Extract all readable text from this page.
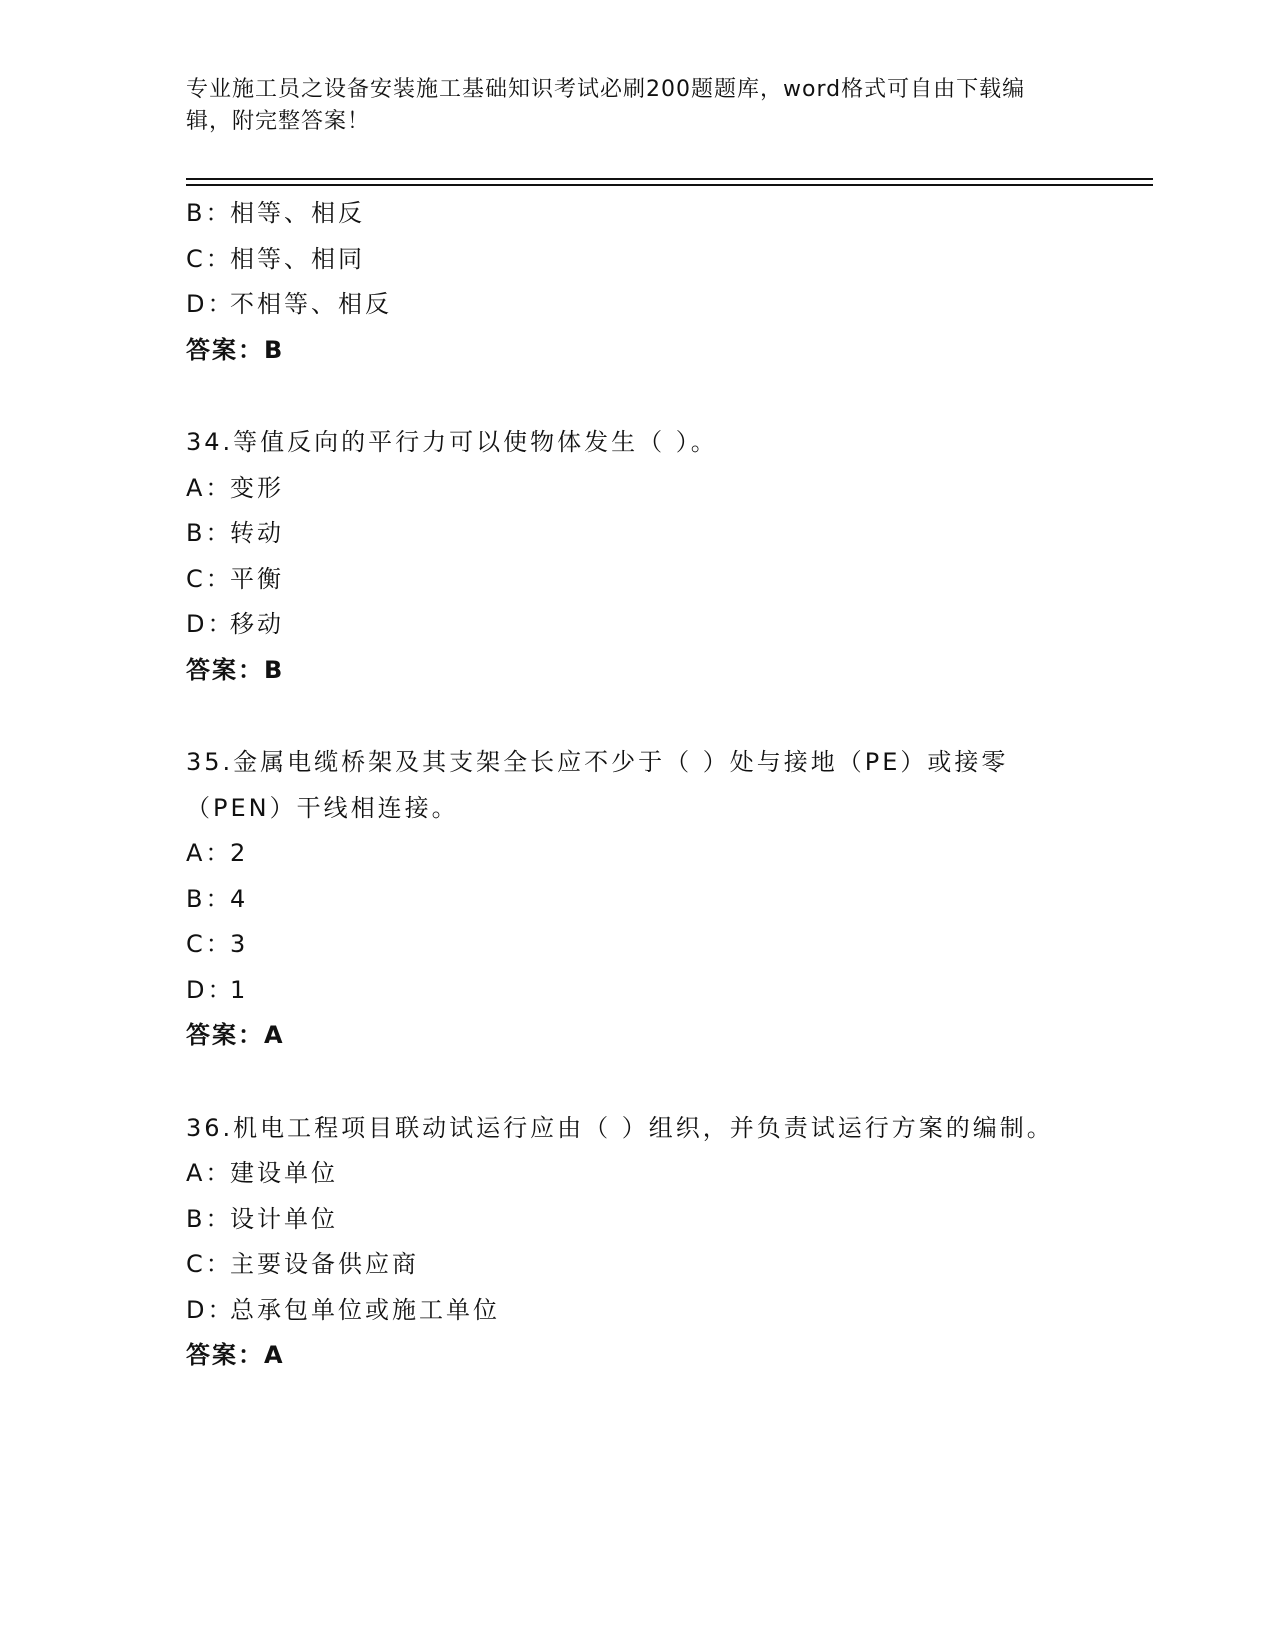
专业施工员之设备安装施工基础知识考试必刷200题题库，word格式可自由下载编辑，附完整答案！
B：相等、相反
C：相等、相同
D：不相等、相反
答案：B
34.等值反向的平行力可以使物体发生（ ）。
A：变形
B：转动
C：平衡
D：移动
答案：B
35.金属电缆桥架及其支架全长应不少于（ ）处与接地（PE）或接零（PEN）干线相连接。
A：2
B：4
C：3
D：1
答案：A
36.机电工程项目联动试运行应由（ ）组织，并负责试运行方案的编制。
A：建设单位
B：设计单位
C：主要设备供应商
D：总承包单位或施工单位
答案：A
